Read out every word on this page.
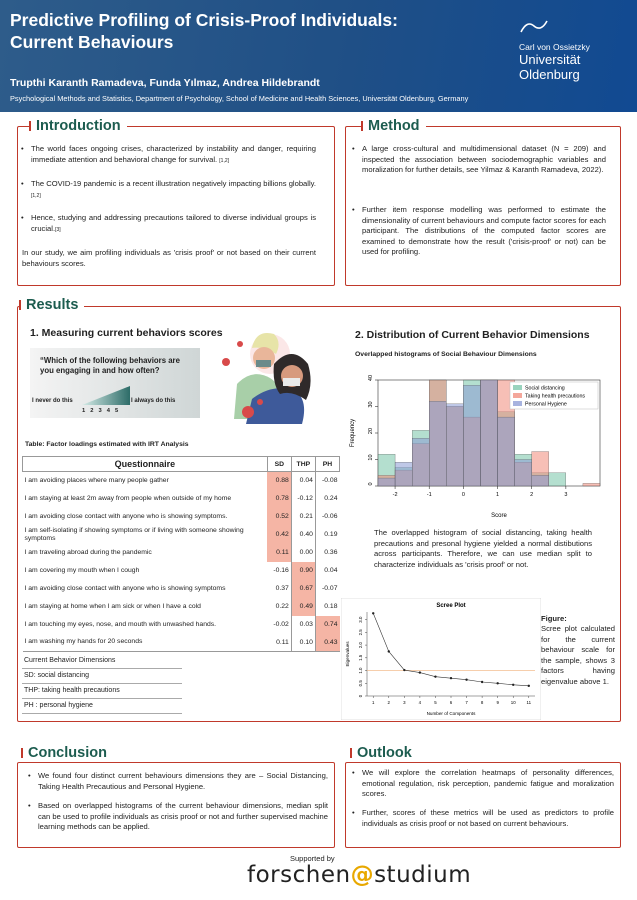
Predictive Profiling of Crisis-Proof Individuals:
Current Behaviours
Trupthi Karanth Ramadeva, Funda Yılmaz, Andrea Hildebrandt
Psychological Methods and Statistics, Department of Psychology, School of Medicine and Health Sciences, Universität Oldenburg, Germany
Carl von Ossietzky
Universität
Oldenburg
Introduction
• The world faces ongoing crises, characterized by instability and danger, requiring immediate attention and behavioral change for survival. [1,2]
• The COVID-19 pandemic is a recent illustration negatively impacting billions globally.[1,2]
• Hence, studying and addressing precautions tailored to diverse individual groups is crucial.[3]
In our study, we aim profiling individuals as 'crisis proof' or not based on their current behaviours scores.
Method
• A large cross-cultural and multidimensional dataset (N = 209) and inspected the association between sociodemographic variables and moralization for further details, see Yilmaz & Karanth Ramadeva, 2022).
• Further item response modelling was performed to estimate the dimensionality of current behaviours and compute factor scores for each participant. The distributions of the computed factor scores are examined to demonstrate how the result ('crisis-proof' or not) can be used for profiling.
Results
1. Measuring current behaviors scores
“Which of the following behaviors are you engaging in and how often?
I never do this	I always do this
1 2 3 4 5
Table: Factor loadings estimated with IRT Analysis
Questionnaire	SD	THP	PH
I am avoiding places where many people gather	0.88	0.04	-0.08
I am staying at least 2m away from people when outside of my home	0.78	-0.12	0.24
I am avoiding close contact with anyone who is showing symptoms.	0.52	0.21	-0.06
I am self-isolating if showing symptoms or if living with someone showing symptoms	0.42	0.40	0.19
I am traveling abroad during the pandemic	0.11	0.00	0.36
I am covering my mouth when I cough	-0.16	0.90	0.04
I am avoiding close contact with anyone who is showing symptoms	0.37	0.67	-0.07
I am staying at home when I am sick or when I have a cold	0.22	0.49	0.18
I am touching my eyes, nose, and mouth with unwashed hands.	-0.02	0.03	0.74
I am washing my hands for 20 seconds	0.11	0.10	0.43
Current Behavior Dimensions
SD: social distancing
THP: taking health precautions
PH : personal hygiene
2. Distribution of Current Behavior Dimensions
Overlapped histograms of Social Behaviour Dimensions
-2	-1	0	1	2	3
0
10
20
30
40
Score
Frequency
Social distancing
Taking health precautions
Personal Hygiene
The overlapped histogram of social distancing, taking health precautions and presonal hygiene yielded a normal distibutions across participants. Therefore, we can use median split to characterize individuals as 'crisis proof' or not.
Scree Plot
0
0.5
1.0
1.5
2.0
2.5
3.0
1	2	3	4	5	6	7	8	9	10 11
Number of Components
Eigenvalues
Figure:
Scree plot calculated for the current behaviour scale for the sample, shows 3 factors having eigenvalue above 1.
Conclusion
• We found four distinct current behaviours dimensions they are – Social Distancing, Taking Health Precautious and Personal Hygiene.
• Based on overlapped histograms of the current behaviour dimensions, median split can be used to profile individuals as crisis proof or not and further supervised machine learning methods can be applied.
Outlook
• We will explore the correlation heatmaps of personality differences, emotional regulation, risk perception, pandemic fatigue and moralization scores.
• Further, scores of these metrics will be used as predictors to profile individuals as crisis proof or not based on current behaviours.
Supported by
forschen@studium
